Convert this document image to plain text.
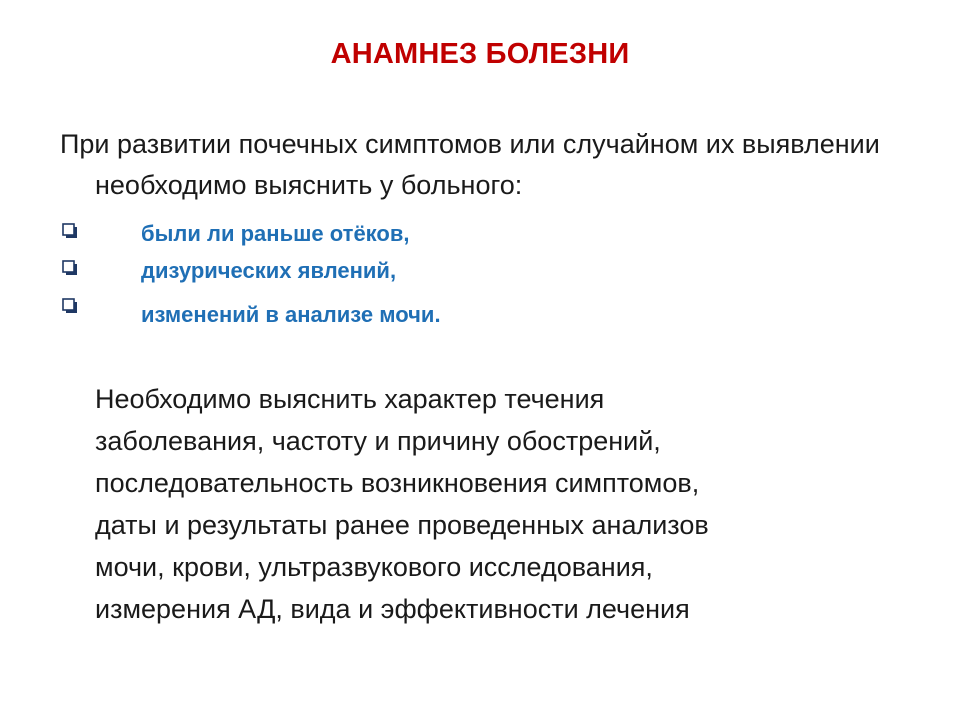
АНАМНЕЗ БОЛЕЗНИ
При развитии почечных симптомов или случайном их выявлении необходимо выяснить у больного:
были ли раньше отёков,
дизурических явлений,
изменений в анализе мочи.
Необходимо выяснить характер течения
заболевания, частоту и причину обострений,
последовательность возникновения симптомов,
даты и результаты ранее проведенных анализов
мочи, крови, ультразвукового исследования,
измерения АД, вида и эффективности лечения
